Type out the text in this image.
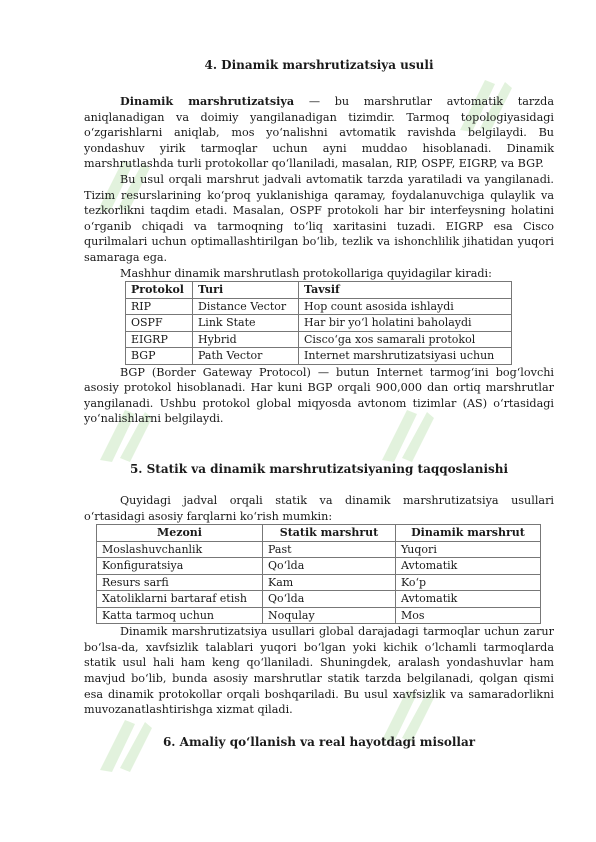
4. Dinamik marshrutizatsiya usuli

Dinamik marshrutizatsiya — bu marshrutlar avtomatik tarzda aniqlanadigan va doimiy yangilanadigan tizimdir. Tarmoq topologiyasidagi o‘zgarishlarni aniqlab, mos yo‘nalishni avtomatik ravishda belgilaydi. Bu yondashuv yirik tarmoqlar uchun ayni muddao hisoblanadi. Dinamik marshrutlashda turli protokollar qo‘llaniladi, masalan, RIP, OSPF, EIGRP, va BGP.

Bu usul orqali marshrut jadvali avtomatik tarzda yaratiladi va yangilanadi. Tizim resurslarining ko‘proq yuklanishiga qaramay, foydalanuvchiga qulaylik va tezkorlikni taqdim etadi. Masalan, OSPF protokoli har bir interfeysning holatini o‘rganib chiqadi va tarmoqning to‘liq xaritasini tuzadi. EIGRP esa Cisco qurilmalari uchun optimallashtirilgan bo‘lib, tezlik va ishonchlilik jihatidan yuqori samaraga ega.

Mashhur dinamik marshrutlash protokollariga quyidagilar kiradi:

Protokol	Turi	Tavsif
RIP	Distance Vector	Hop count asosida ishlaydi
OSPF	Link State	Har bir yo‘l holatini baholaydi
EIGRP	Hybrid	Cisco‘ga xos samarali protokol
BGP	Path Vector	Internet marshrutizatsiyasi uchun

BGP (Border Gateway Protocol) — butun Internet tarmog‘ini bog‘lovchi asosiy protokol hisoblanadi. Har kuni BGP orqali 900,000 dan ortiq marshrutlar yangilanadi. Ushbu protokol global miqyosda avtonom tizimlar (AS) o‘rtasidagi yo‘nalishlarni belgilaydi.

5. Statik va dinamik marshrutizatsiyaning taqqoslanishi

Quyidagi jadval orqali statik va dinamik marshrutizatsiya usullari o‘rtasidagi asosiy farqlarni ko‘rish mumkin:

Mezoni	Statik marshrut	Dinamik marshrut
Moslashuvchanlik	Past	Yuqori
Konfiguratsiya	Qo‘lda	Avtomatik
Resurs sarfi	Kam	Ko‘p
Xatoliklarni bartaraf etish	Qo‘lda	Avtomatik
Katta tarmoq uchun	Noqulay	Mos

Dinamik marshrutizatsiya usullari global darajadagi tarmoqlar uchun zarur bo‘lsa-da, xavfsizlik talablari yuqori bo‘lgan yoki kichik o‘lchamli tarmoqlarda statik usul hali ham keng qo‘llaniladi. Shuningdek, aralash yondashuvlar ham mavjud bo‘lib, bunda asosiy marshrutlar statik tarzda belgilanadi, qolgan qismi esa dinamik protokollar orqali boshqariladi. Bu usul xavfsizlik va samaradorlikni muvozanatlashtirishga xizmat qiladi.

6. Amaliy qo‘llanish va real hayotdagi misollar
